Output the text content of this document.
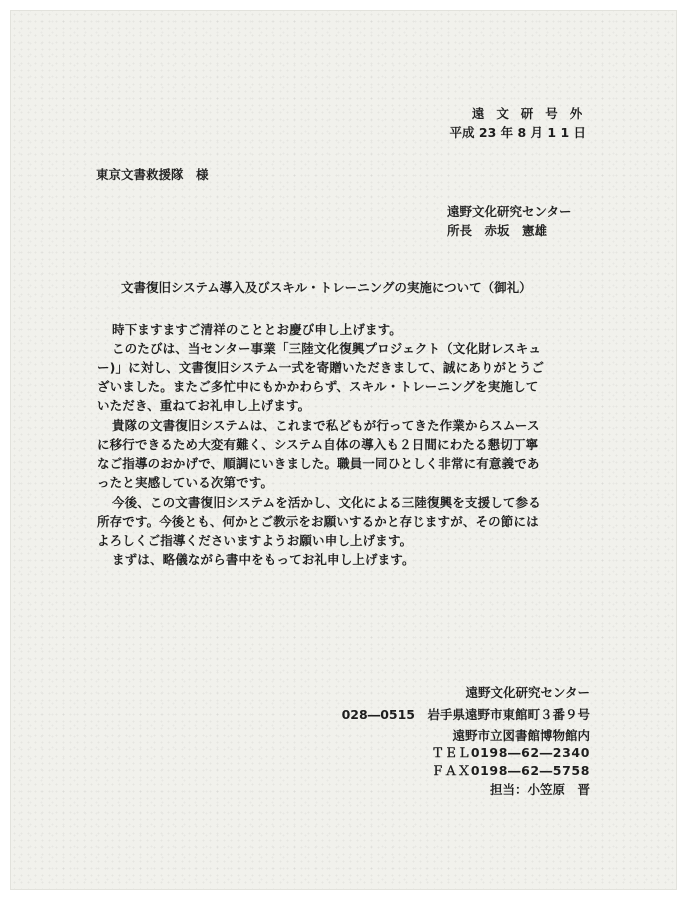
遠 文 研 号 外
平成 23 年 8 月 1 1 日
東京文書救援隊　様
遠野文化研究センター
所長　赤坂　憲雄
文書復旧システム導入及びスキル・トレーニングの実施について（御礼）
時下ますますご清祥のこととお慶び申し上げます。
このたびは、当センター事業「三陸文化復興プロジェクト（文化財レスキュ
ー)」に対し、文書復旧システム一式を寄贈いただきまして、誠にありがとうご
ざいました。またご多忙中にもかかわらず、スキル・トレーニングを実施して
いただき、重ねてお礼申し上げます。
貴隊の文書復旧システムは、これまで私どもが行ってきた作業からスムース
に移行できるため大変有難く、システム自体の導入も２日間にわたる懇切丁寧
なご指導のおかげで、順調にいきました。職員一同ひとしく非常に有意義であ
ったと実感している次第です。
今後、この文書復旧システムを活かし、文化による三陸復興を支援して参る
所存です。今後とも、何かとご教示をお願いするかと存じますが、その節には
よろしくご指導くださいますようお願い申し上げます。
まずは、略儀ながら書中をもってお礼申し上げます。
遠野文化研究センター
028―0515　岩手県遠野市東館町３番９号
遠野市立図書館博物館内
ＴＥＬ0198―62―2340
ＦＡＸ0198―62―5758
担当：小笠原　晋
